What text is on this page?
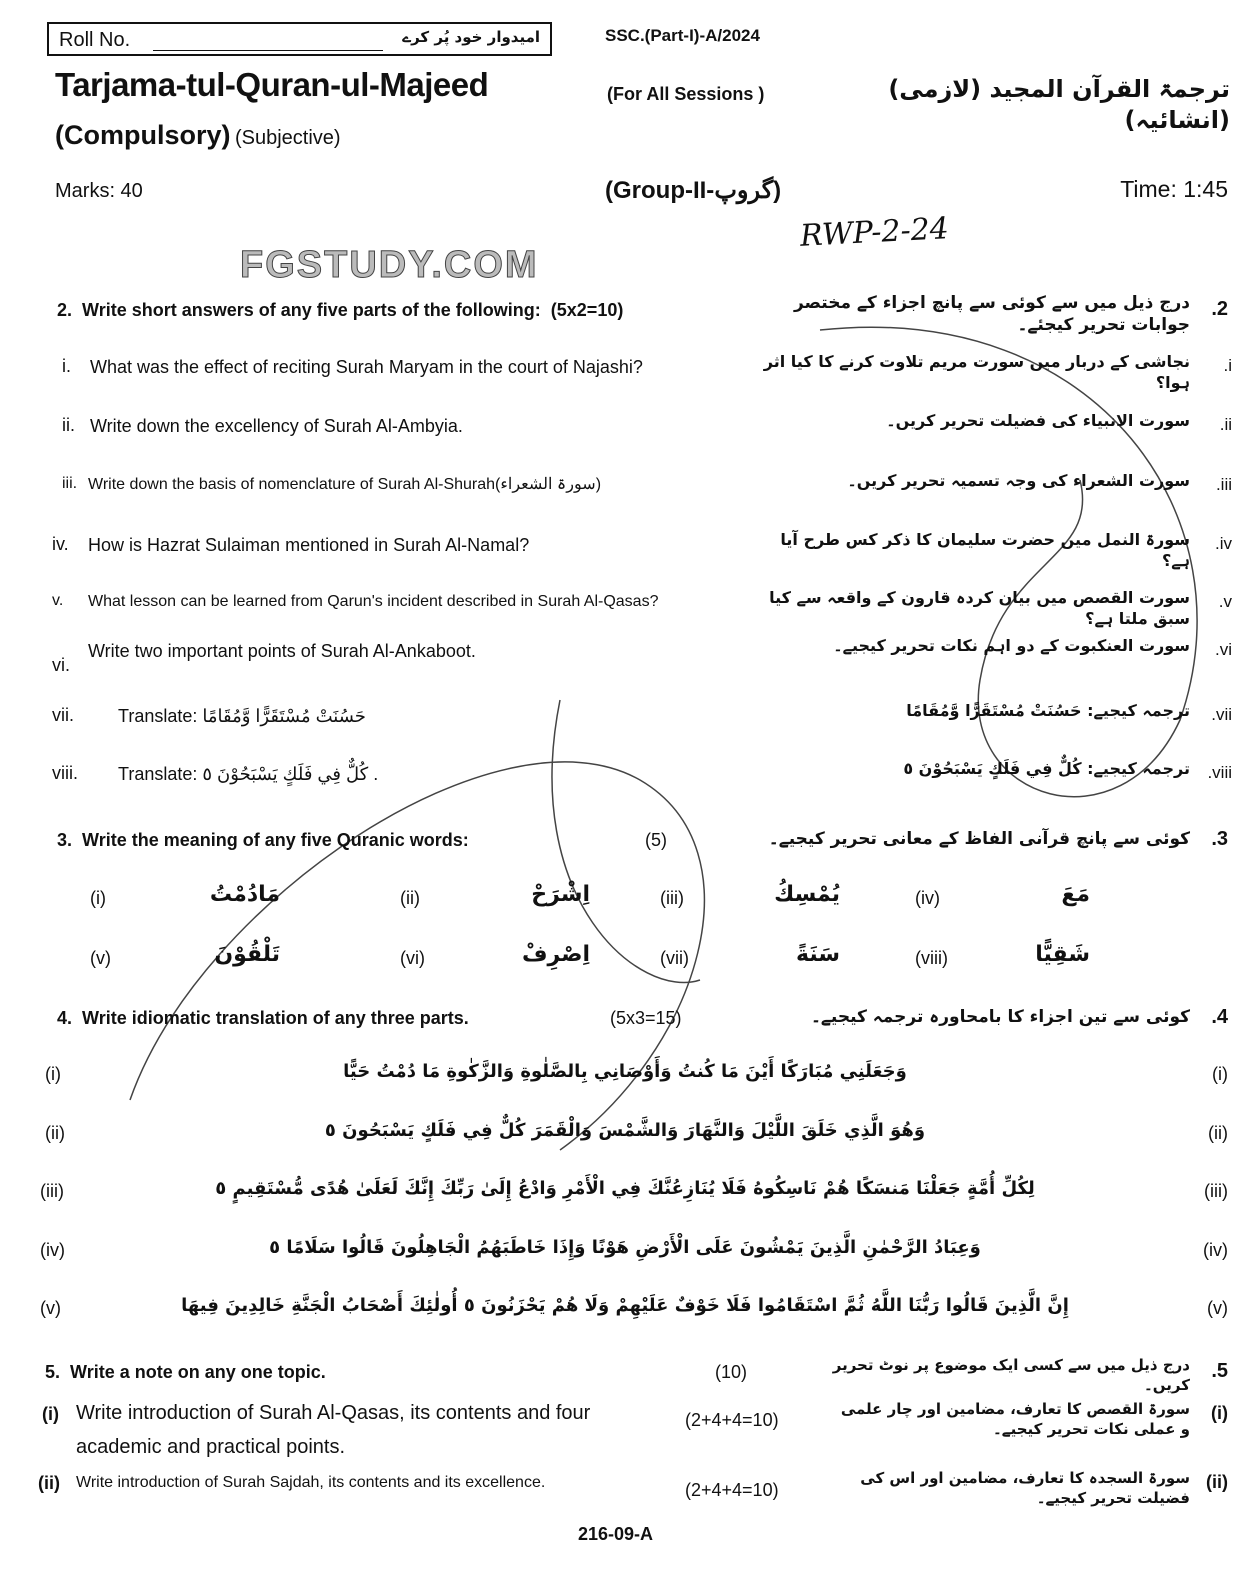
FGSTUDY.COM
Roll No.	امیدوار خود پُر کرے	SSC.(Part-I)-A/2024
Tarjama-tul-Quran-ul-Majeed
(Compulsory) (Subjective)
(For All Sessions )	ترجمۃ القرآن المجید (لازمی) (انشائیہ)
Marks: 40	(Group-II-گروپ)	Time: 1:45
RWP-2-24
2. Write short answers of any five parts of the following: (5x2=10)	درج ذیل میں سے کوئی سے پانچ اجزاء کے مختصر جوابات تحریر کیجئے۔
.2
i. What was the effect of reciting Surah Maryam in the court of Najashi?	نجاشی کے دربار میں سورت مریم تلاوت کرنے کا کیا اثر ہوا؟
.i
ii. Write down the excellency of Surah Al-Ambyia.	سورت الانبیاء کی فضیلت تحریر کریں۔ .ii
iii. Write down the basis of nomenclature of Surah Al-Shurah(سورۃ الشعراء)	سورت الشعراء کی وجہ تسمیہ تحریر کریں۔ .iii
iv. How is Hazrat Sulaiman mentioned in Surah Al-Namal?	سورۃ النمل میں حضرت سلیمان کا ذکر کس طرح آیا ہے؟
.iv
v. What lesson can be learned from Qarun's incident described in Surah Al-Qasas?	سورت القصص میں بیان کردہ قارون کے واقعہ سے کیا سبق ملتا ہے؟
.v
vi.
Write two important points of Surah Al-Ankaboot.	سورت العنکبوت کے دو اہم نکات تحریر کیجیے۔ .vi
vii. Translate: حَسُنَتْ مُسْتَقَرًّا وَّمُقَامًا	ترجمہ کیجیے: حَسُنَتْ مُسْتَقَرًّا وَّمُقَامًا .vii
viii. Translate: كُلٌّ فِي فَلَكٍ يَسْبَحُوْنَ ٥ .	ترجمہ کیجیے: كُلٌّ فِي فَلَكٍ يَسْبَحُوْنَ ٥ .viii
3. Write the meaning of any five Quranic words:	(5)	کوئی سے پانچ قرآنی الفاظ کے معانی تحریر کیجیے۔ .3
(i)	مَادُمْتُ	(ii)	اِشْرَحْ	(iii)	يُمْسِكُ	(iv)	مَعَ
(v)	تَلْقُوْنَ	(vi)	اِصْرِفْ	(vii)	سَنَةً	(viii)	شَقِيًّا
4. Write idiomatic translation of any three parts.	(5x3=15)	کوئی سے تین اجزاء کا بامحاورہ ترجمہ کیجیے۔ .4
(i)	وَجَعَلَنِي مُبَارَكًا أَيْنَ مَا كُنتُ وَأَوْصَانِي بِالصَّلٰوةِ وَالزَّكٰوةِ مَا دُمْتُ حَيًّا	(i)
(ii)	وَهُوَ الَّذِي خَلَقَ اللَّيْلَ وَالنَّهَارَ وَالشَّمْسَ وَالْقَمَرَ كُلٌّ فِي فَلَكٍ يَسْبَحُونَ ٥	(ii)
(iii)	لِكُلِّ أُمَّةٍ جَعَلْنَا مَنسَكًا هُمْ نَاسِكُوهُ فَلَا يُنَازِعُنَّكَ فِي الْأَمْرِ وَادْعُ إِلَىٰ رَبِّكَ إِنَّكَ لَعَلَىٰ هُدًى مُّسْتَقِيمٍ ٥	(iii)
(iv)	وَعِبَادُ الرَّحْمٰنِ الَّذِينَ يَمْشُونَ عَلَى الْأَرْضِ هَوْنًا وَإِذَا خَاطَبَهُمُ الْجَاهِلُونَ قَالُوا سَلَامًا ٥	(iv)
(v)	إِنَّ الَّذِينَ قَالُوا رَبُّنَا اللَّهُ ثُمَّ اسْتَقَامُوا فَلَا خَوْفٌ عَلَيْهِمْ وَلَا هُمْ يَحْزَنُونَ ٥ أُولٰئِكَ أَصْحَابُ الْجَنَّةِ خَالِدِينَ فِيهَا	(v)
5. Write a note on any one topic.	(10)	درج ذیل میں سے کسی ایک موضوع پر نوٹ تحریر کریں۔
.5
(i) Write introduction of Surah Al-Qasas, its contents and four
academic and practical points.
(2+4+4=10)
سورۃ القصص کا تعارف، مضامین اور چار علمی و عملی نکات تحریر کیجیے۔
(i)
(ii) Write introduction of Surah Sajdah, its contents and its excellence.	(2+4+4=10)
سورۃ السجدہ کا تعارف، مضامین اور اس کی فضیلت تحریر کیجیے۔
(ii)
216-09-A
